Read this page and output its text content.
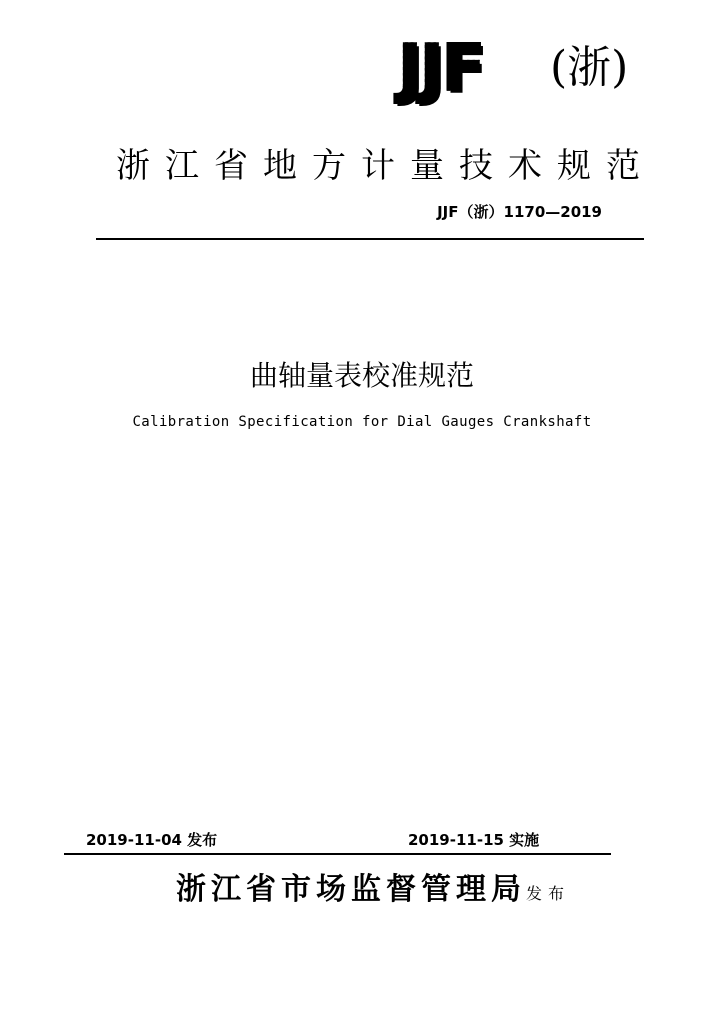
JJF (浙)
浙江省地方计量技术规范
JJF（浙）1170—2019
曲轴量表校准规范
Calibration Specification for Dial Gauges Crankshaft
2019-11-04 发布	2019-11-15 实施
浙江省市场监督管理局发布
